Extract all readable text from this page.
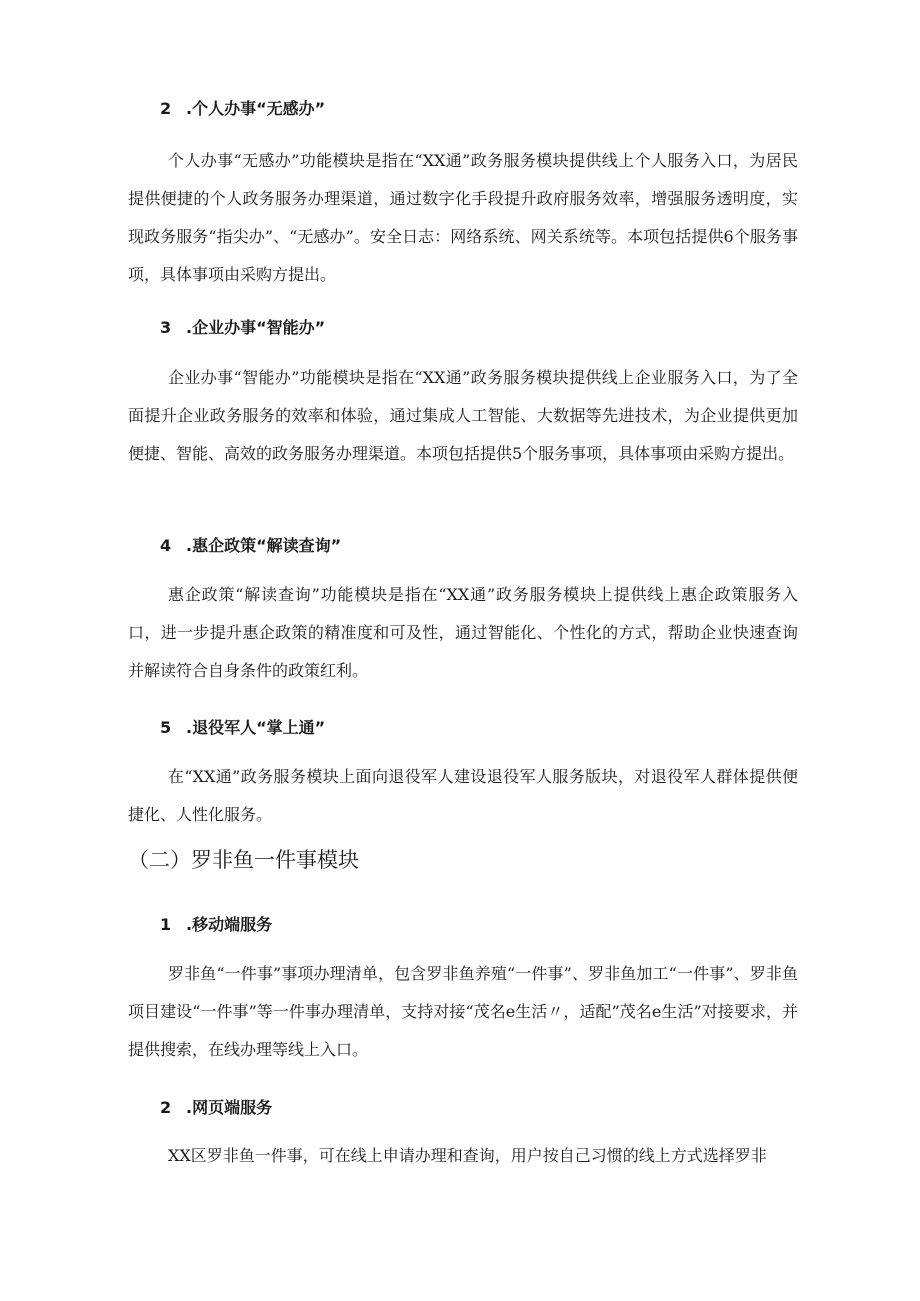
2 .个人办事“无感办”
个人办事“无感办”功能模块是指在“XX通”政务服务模块提供线上个人服务入口，为居民提供便捷的个人政务服务办理渠道，通过数字化手段提升政府服务效率，增强服务透明度，实现政务服务“指尖办”、“无感办”。安全日志：网络系统、网关系统等。本项包括提供6个服务事项，具体事项由采购方提出。
3 .企业办事“智能办”
企业办事“智能办”功能模块是指在“XX通”政务服务模块提供线上企业服务入口，为了全面提升企业政务服务的效率和体验，通过集成人工智能、大数据等先进技术，为企业提供更加便捷、智能、高效的政务服务办理渠道。本项包括提供5个服务事项，具体事项由采购方提出。
4 .惠企政策“解读查询”
惠企政策“解读查询”功能模块是指在“XX通”政务服务模块上提供线上惠企政策服务入口，进一步提升惠企政策的精准度和可及性，通过智能化、个性化的方式，帮助企业快速查询并解读符合自身条件的政策红利。
5 .退役军人“掌上通”
在“XX通”政务服务模块上面向退役军人建设退役军人服务版块，对退役军人群体提供便捷化、人性化服务。
（二）罗非鱼一件事模块
1 .移动端服务
罗非鱼“一件事”事项办理清单，包含罗非鱼养殖“一件事”、罗非鱼加工“一件事”、罗非鱼项目建设“一件事”等一件事办理清单，支持对接“茂名e生活〃，适配”茂名e生活”对接要求，并提供搜索，在线办理等线上入口。
2 .网页端服务
XX区罗非鱼一件事，可在线上申请办理和查询，用户按自己习惯的线上方式选择罗非
